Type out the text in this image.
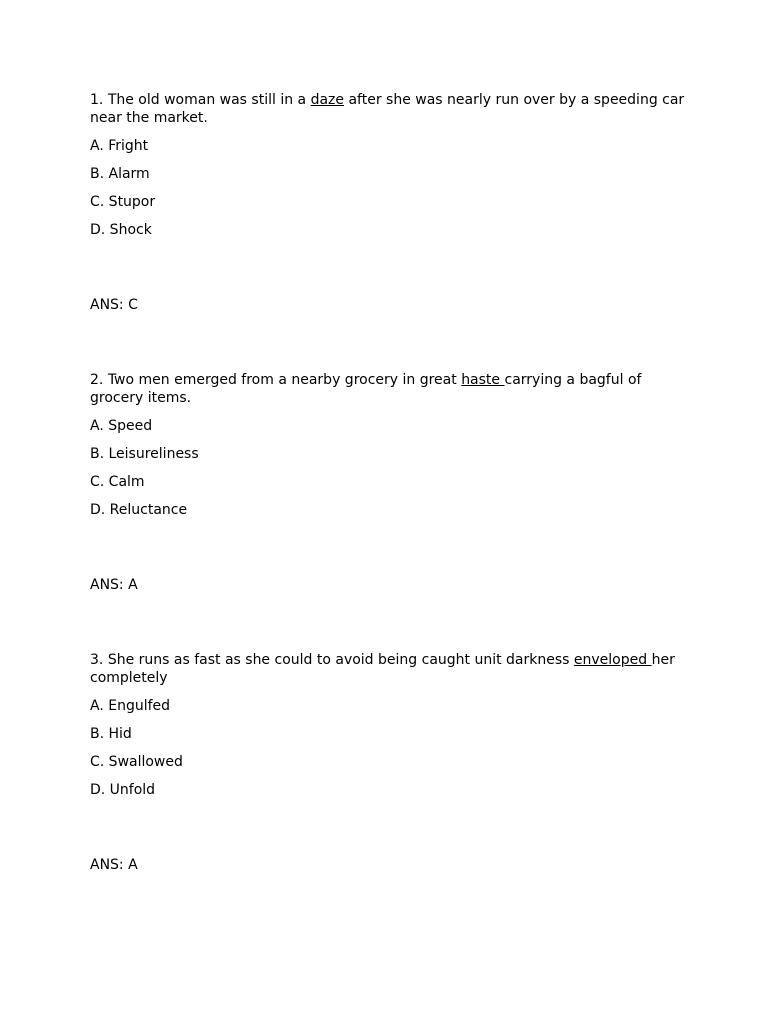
1. The old woman was still in a daze after she was nearly run over by a speeding car near the market.

A. Fright
B. Alarm
C. Stupor
D. Shock
ANS: C

2. Two men emerged from a nearby grocery in great haste carrying a bagful of grocery items.

A. Speed
B. Leisureliness
C. Calm
D. Reluctance
ANS: A

3. She runs as fast as she could to avoid being caught unit darkness enveloped her completely

A. Engulfed
B. Hid
C. Swallowed
D. Unfold
ANS: A
